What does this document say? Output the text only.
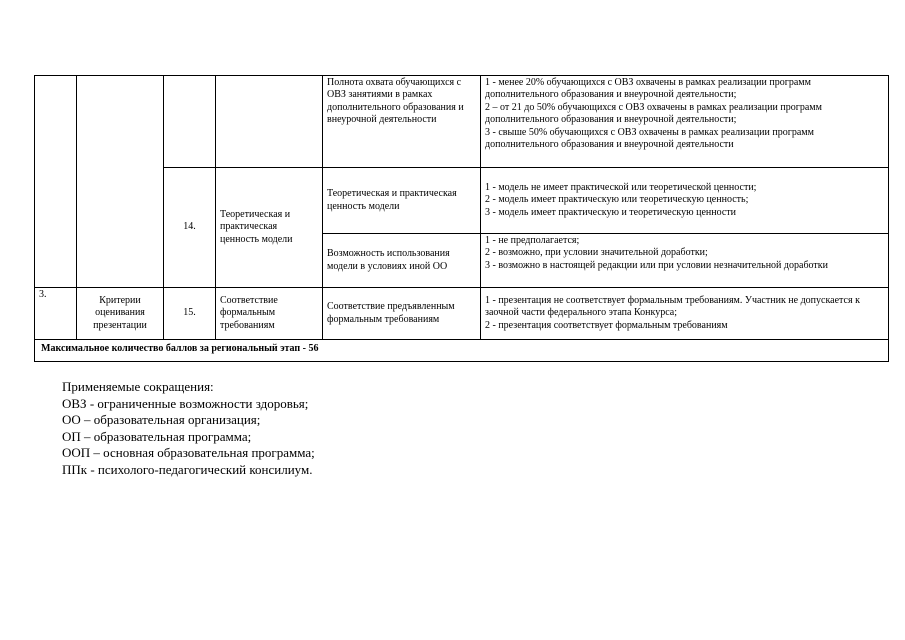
				Полнота охвата обучающихся с ОВЗ занятиями в рамках дополнительного образования и внеурочной деятельности	1 - менее 20% обучающихся с ОВЗ охвачены в рамках реализации программ дополнительного образования и внеурочной деятельности;
2 – от 21 до 50% обучающихся с ОВЗ охвачены в рамках реализации программ дополнительного образования и внеурочной деятельности;
3 - свыше 50% обучающихся с ОВЗ охвачены в рамках реализации программ дополнительного образования и внеурочной деятельности

		14.	Теоретическая и практическая ценность модели	Теоретическая и практическая ценность модели	1 - модель не имеет практической или теоретической ценности;
2 - модель имеет практическую или теоретическую ценность;
3 - модель имеет практическую и теоретическую ценности

				Возможность использования модели в условиях иной ОО	1 - не предполагается;
2 - возможно, при условии значительной доработки;
3 - возможно в настоящей редакции или при условии незначительной доработки

3.	Критерии оценивания презентации	15.	Соответствие формальным требованиям	Соответствие предъявленным формальным требованиям	1 - презентация не соответствует формальным требованиям. Участник не допускается к заочной части федерального этапа Конкурса;
2 - презентация соответствует формальным требованиям

Максимальное количество баллов за региональный этап - 56					
Применяемые сокращения:
ОВЗ - ограниченные возможности здоровья;
ОО – образовательная организация;
ОП – образовательная программа;
ООП – основная образовательная программа;
ППк - психолого-педагогический консилиум.
